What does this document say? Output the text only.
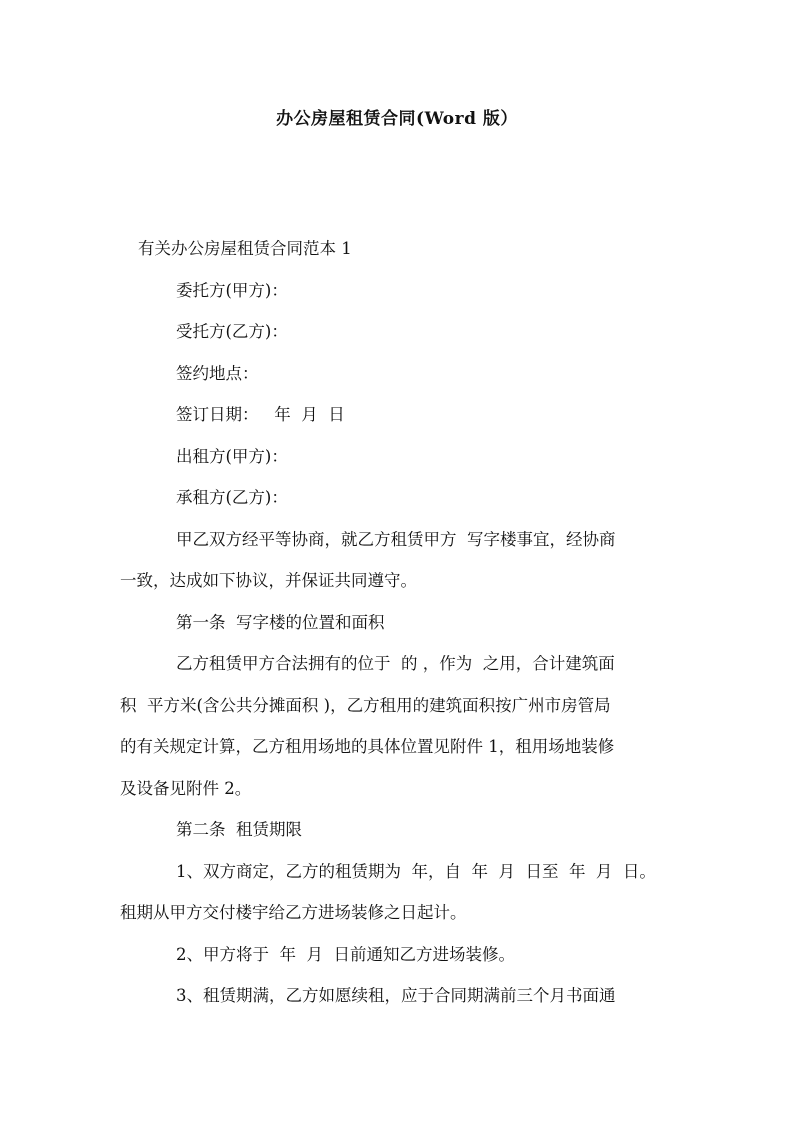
办公房屋租赁合同(Word 版）
有关办公房屋租赁合同范本 1
委托方(甲方)：
受托方(乙方)：
签约地点：
签订日期：   年  月  日
出租方(甲方)：
承租方(乙方)：
甲乙双方经平等协商，就乙方租赁甲方  写字楼事宜，经协商
一致，达成如下协议，并保证共同遵守。
第一条  写字楼的位置和面积
乙方租赁甲方合法拥有的位于  的 ，作为  之用，合计建筑面
积  平方米(含公共分摊面积 )，乙方租用的建筑面积按广州市房管局
的有关规定计算，乙方租用场地的具体位置见附件 1，租用场地装修
及设备见附件 2。
第二条  租赁期限
1、双方商定，乙方的租赁期为  年，自  年  月  日至  年  月  日。
租期从甲方交付楼宇给乙方进场装修之日起计。
2、甲方将于  年  月  日前通知乙方进场装修。
3、租赁期满，乙方如愿续租，应于合同期满前三个月书面通
